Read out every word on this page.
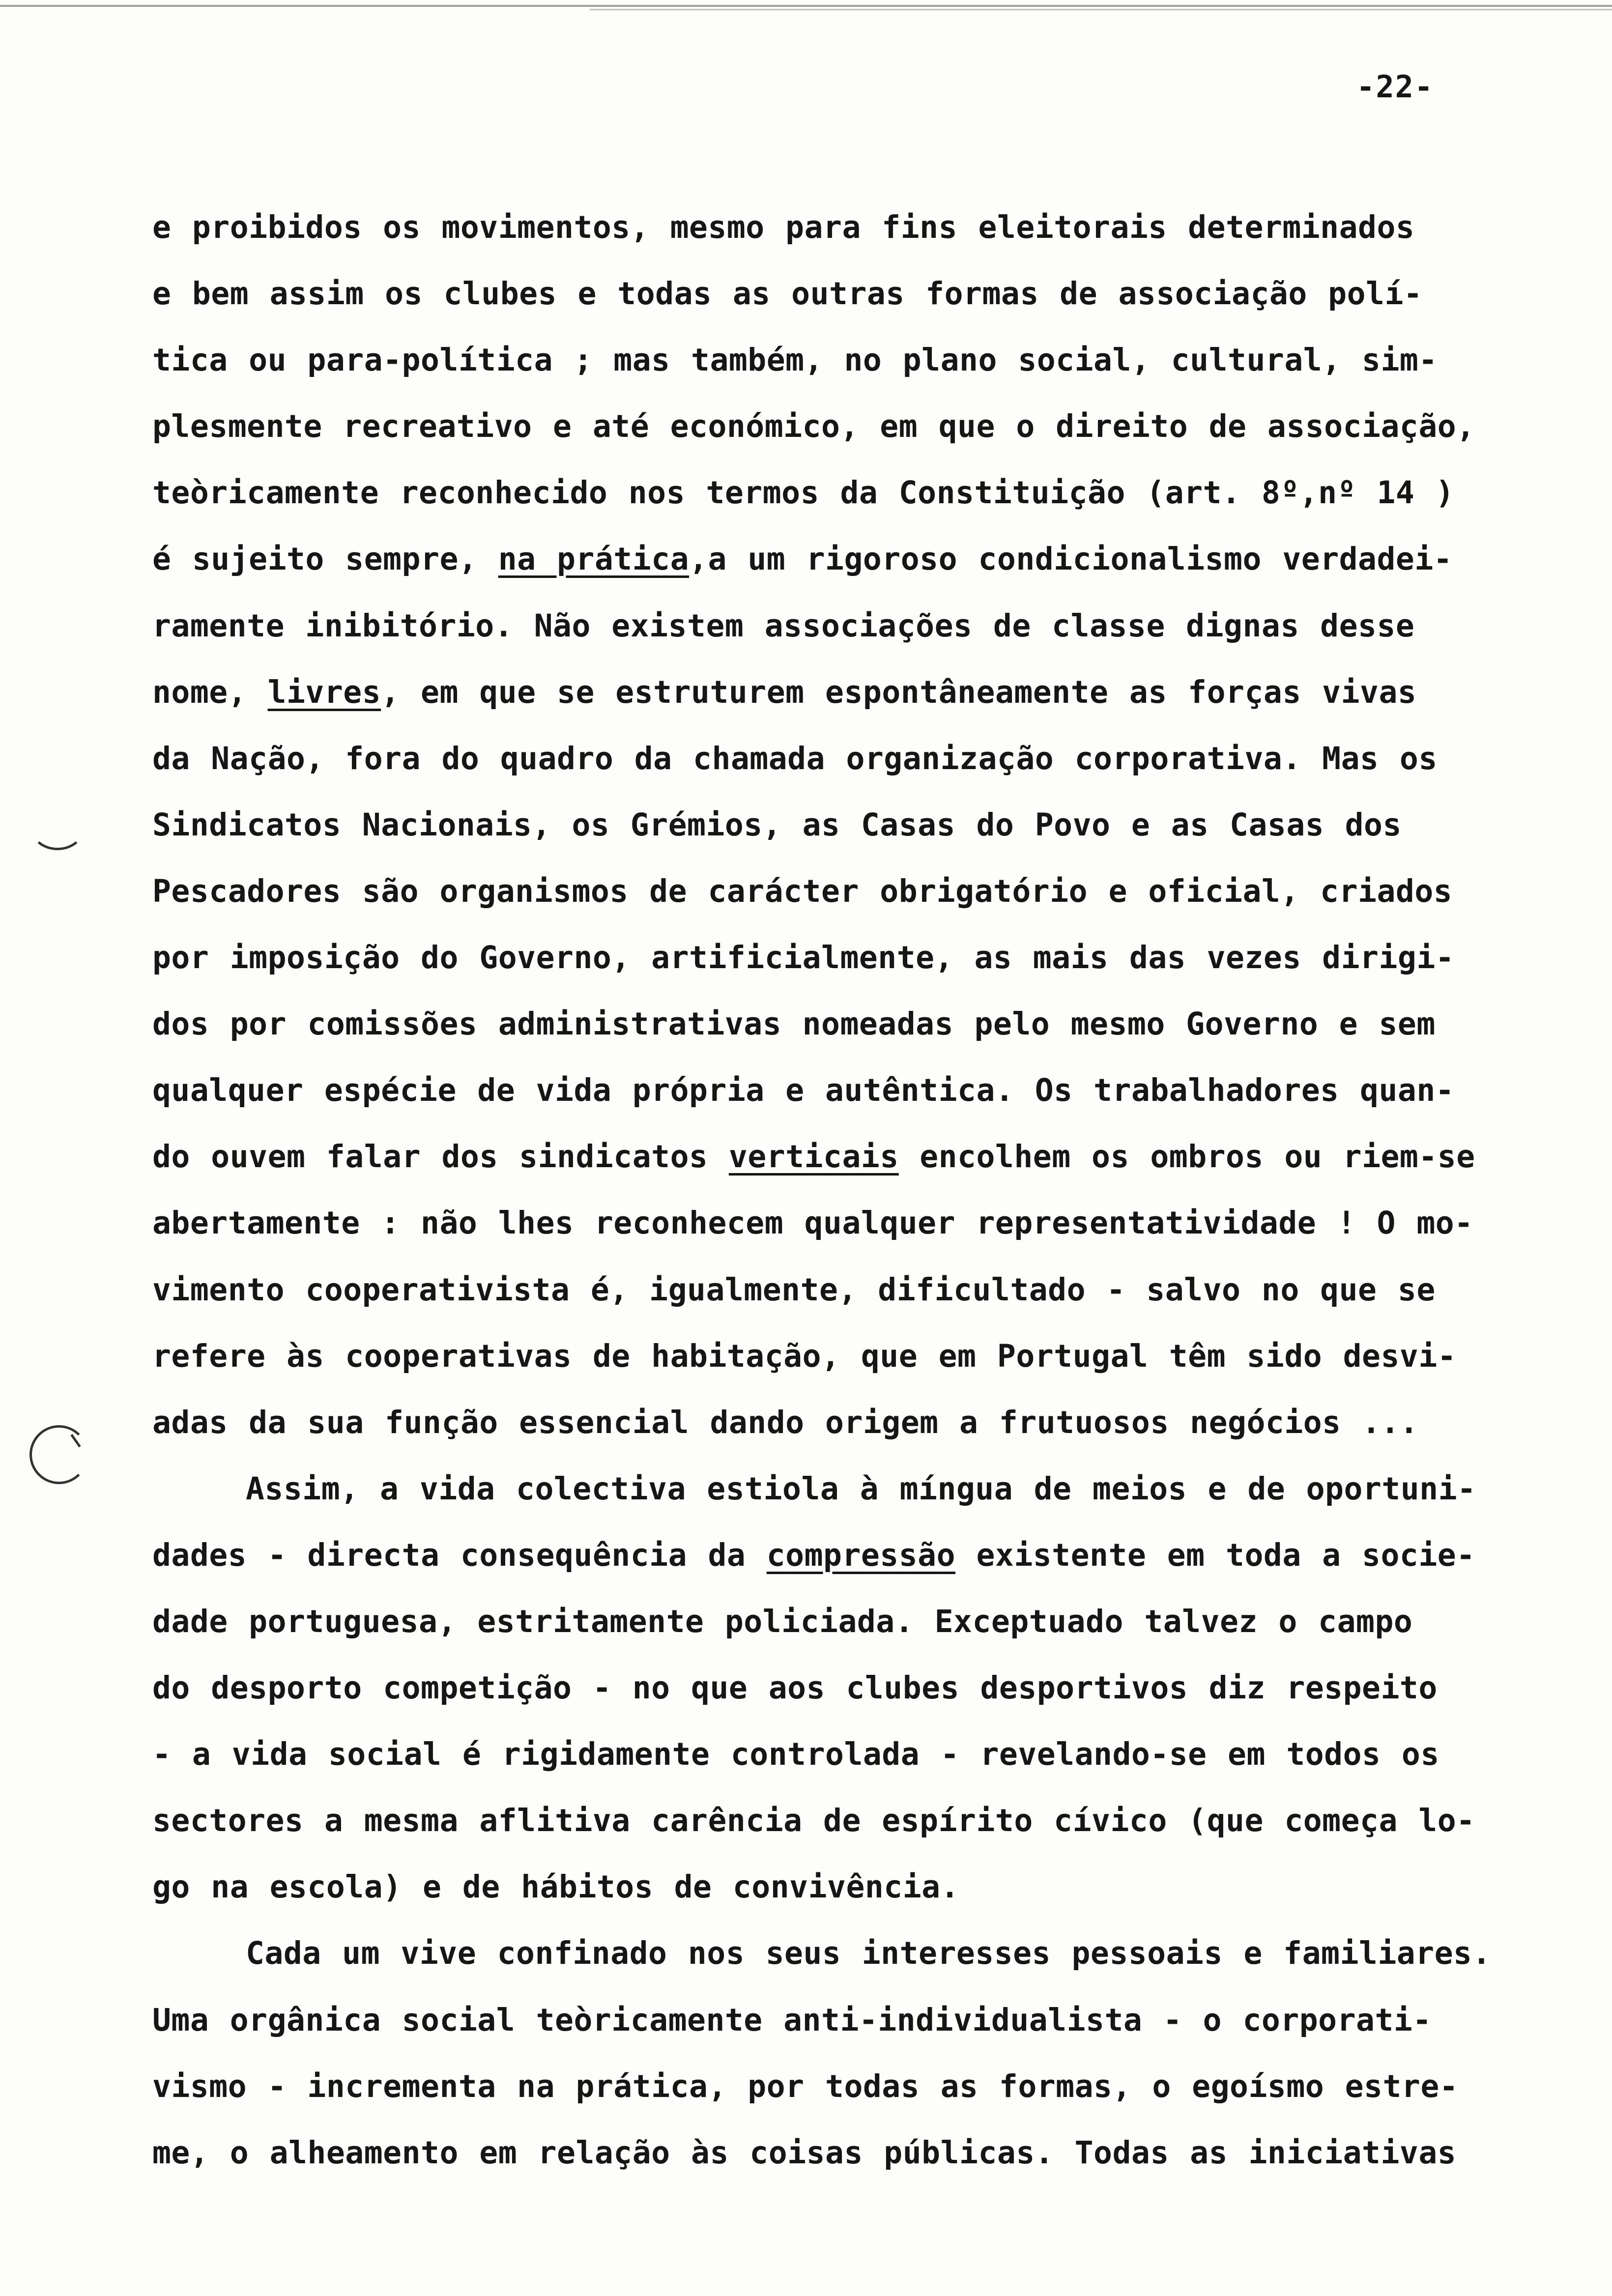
-22-
e proibidos os movimentos, mesmo para fins eleitorais determinados
e bem assim os clubes e todas as outras formas de associação polí-
tica ou para-política ; mas também, no plano social, cultural, sim-
plesmente recreativo e até económico, em que o direito de associação,
teòricamente reconhecido nos termos da Constituição (art. 8º,nº 14 )
é sujeito sempre, na prática,a um rigoroso condicionalismo verdadei-
ramente inibitório. Não existem associações de classe dignas desse
nome, livres, em que se estruturem espontâneamente as forças vivas
da Nação, fora do quadro da chamada organização corporativa. Mas os
Sindicatos Nacionais, os Grémios, as Casas do Povo e as Casas dos
Pescadores são organismos de carácter obrigatório e oficial, criados
por imposição do Governo, artificialmente, as mais das vezes dirigi-
dos por comissões administrativas nomeadas pelo mesmo Governo e sem
qualquer espécie de vida própria e autêntica. Os trabalhadores quan-
do ouvem falar dos sindicatos verticais encolhem os ombros ou riem-se
abertamente : não lhes reconhecem qualquer representatividade ! O mo-
vimento cooperativista é, igualmente, dificultado - salvo no que se
refere às cooperativas de habitação, que em Portugal têm sido desvi-
adas da sua função essencial dando origem a frutuosos negócios ...
Assim, a vida colectiva estiola à míngua de meios e de oportuni-
dades - directa consequência da compressão existente em toda a socie-
dade portuguesa, estritamente policiada. Exceptuado talvez o campo
do desporto competição - no que aos clubes desportivos diz respeito
- a vida social é rigidamente controlada - revelando-se em todos os
sectores a mesma aflitiva carência de espírito cívico (que começa lo-
go na escola) e de hábitos de convivência.
Cada um vive confinado nos seus interesses pessoais e familiares.
Uma orgânica social teòricamente anti-individualista - o corporati-
vismo - incrementa na prática, por todas as formas, o egoísmo estre-
me, o alheamento em relação às coisas públicas. Todas as iniciativas
